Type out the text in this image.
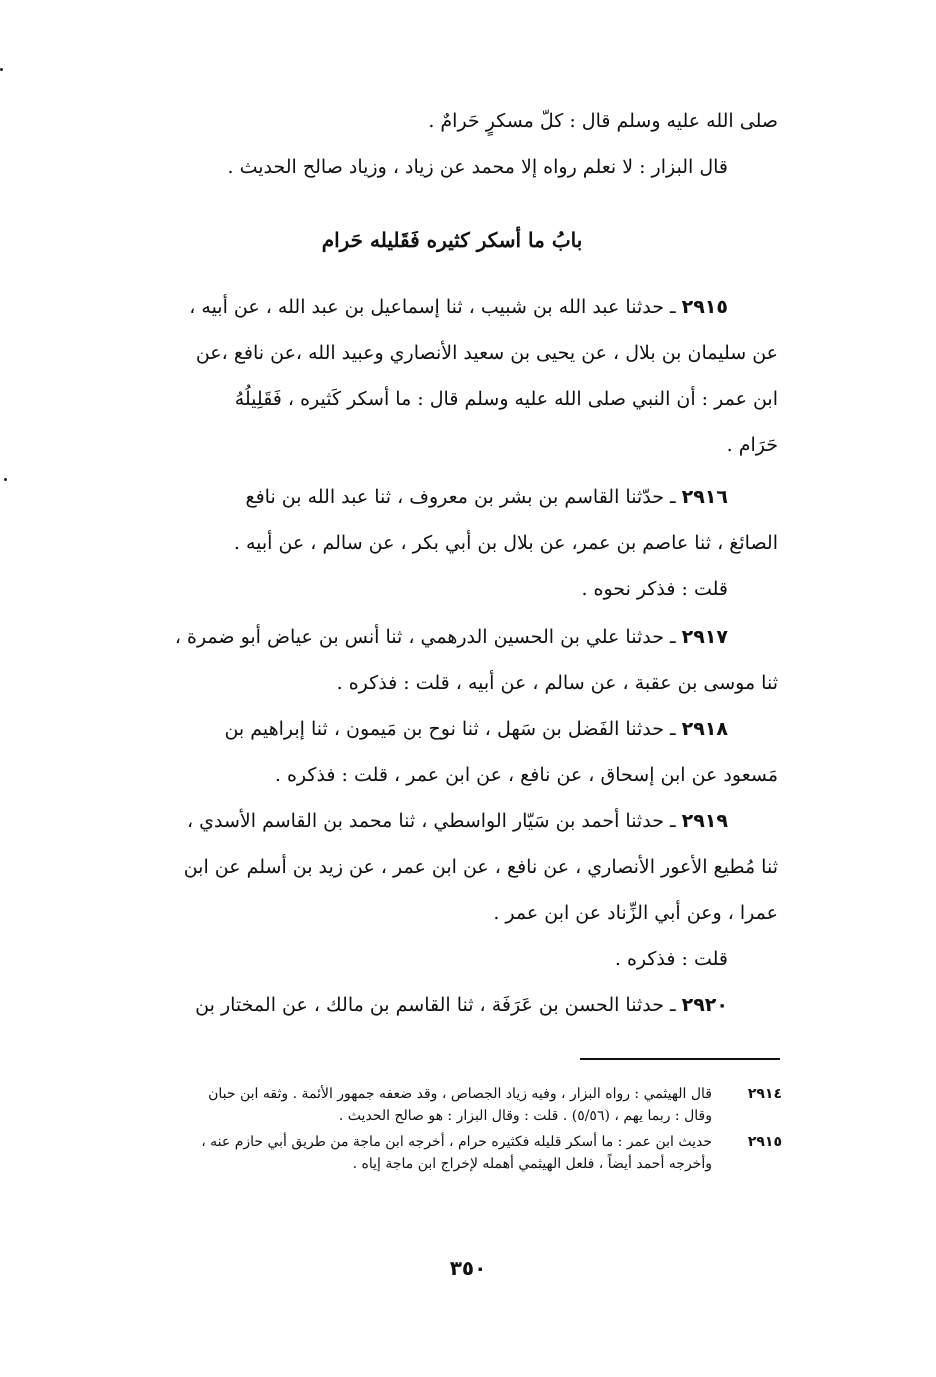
صلى الله عليه وسلم قال : كلّ مسكرٍ حَرامٌ .
قال البزار : لا نعلم رواه إلا محمد عن زياد ، وزياد صالح الحديث .
بابُ ما أسكر كثيره فَقَليله حَرام
٢٩١٥ ـ حدثنا عبد الله بن شبيب ، ثنا إسماعيل بن عبد الله ، عن أبيه ،
عن سليمان بن بلال ، عن يحيى بن سعيد الأنصاري وعبيد الله ،عن نافع ،عن
ابن عمر : أن النبي صلى الله عليه وسلم قال : ما أسكر كَثيره ، فَقَلِيلُهُ
حَرَام .
٢٩١٦ ـ حدّثنا القاسم بن بشر بن معروف ، ثنا عبد الله بن نافع
الصائغ ، ثنا عاصم بن عمر، عن بلال بن أبي بكر ، عن سالم ، عن أبيه .
قلت : فذكر نحوه .
٢٩١٧ ـ حدثنا علي بن الحسين الدرهمي ، ثنا أنس بن عياض أبو ضمرة ،
ثنا موسى بن عقبة ، عن سالم ، عن أبيه ، قلت : فذكره .
٢٩١٨ ـ حدثنا الفَضل بن سَهل ، ثنا نوح بن مَيمون ، ثنا إبراهيم بن
مَسعود عن ابن إسحاق ، عن نافع ، عن ابن عمر ، قلت : فذكره .
٢٩١٩ ـ حدثنا أحمد بن سَيّار الواسطي ، ثنا محمد بن القاسم الأسدي ،
ثنا مُطيع الأعور الأنصاري ، عن نافع ، عن ابن عمر ، عن زيد بن أسلم عن ابن
عمرا ، وعن أبي الزِّناد عن ابن عمر .
قلت : فذكره .
٢٩٢٠ ـ حدثنا الحسن بن عَرَفَة ، ثنا القاسم بن مالك ، عن المختار بن
٢٩١٤
قال الهيثمي : رواه البزار ، وفيه زياد الجصاص ، وقد ضعفه جمهور الأئمة . وثقه ابن حبان
وقال : ربما يهم ، (٥/٥٦) . قلت : وقال البزار : هو صالح الحديث .
٢٩١٥
حديث ابن عمر : ما أسكر قليله فكثيره حرام ، أخرجه ابن ماجة من طريق أبي حازم عنه ،
وأخرجه أحمد أيضاً ، فلعل الهيثمي أهمله لإخراج ابن ماجة إياه .
٣٥٠
